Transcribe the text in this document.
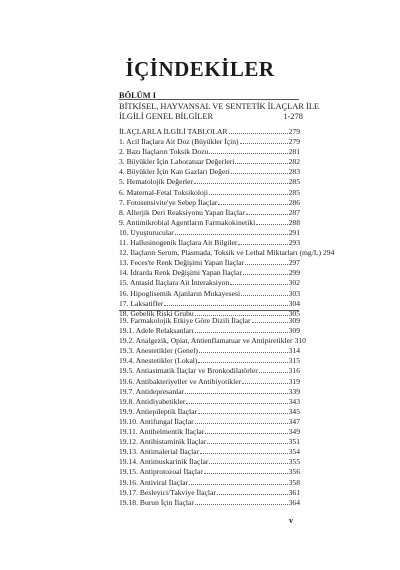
İÇİNDEKİLER
BÖLÜM I
BİTKİSEL, HAYVANSAL VE SENTETİK İLAÇLAR İLE
İLGİLİ GENEL BİLGİLER	1-278
İLAÇLARLA İLGİLİ TABLOLAR	279
1. Acil İlaçlara Ait Doz (Büyükler İçin)	279
2. Bazı İlaçların Toksik Dozu	281
3. Büyükler İçin Laboratuar Değerleri	282
4. Büyükler İçin Kan Gazları Değeri	283
5. Hematolojik Değerler	285
6. Maternal-Fetal Toksikoloji	285
7. Fotosensivite'ye Sebep İlaçlar	286
8. Allerjik Deri Reaksiyonu Yapan İlaçlar	287
9. Antimikrobial Agentların Farmakokinetiki	288
10. Uyuşturucular	291
11. Hallusinogenik İlaçlara Ait Bilgiler	293
12. İlaçların Serum, Plasmada, Toksik ve Lethal Miktarları (mg/L) 294
13. Feces'te Renk Değişimi Yapan İlaçlar	297
14. İdrarda Renk Değişimi Yapan İlaçlar	299
15. Antasid İlaçlara Ait İnteraksiyon	302
16. Hipoglisemik Ajanların Mukayesesi	303
17. Laksatifler	304
18. Gebelik Riski Grubu	305
19. Farmakolojik Etkiye Göre Dizili İlaçlar	309
19.1. Adele Relaksanları	309
19.2. Analgezik, Opiat, Antienflamatuar ve Antipiretikler 310
19.3. Anestetikler (Genel)	314
19.4. Anestetikler (Lokal)	315
19.5. Antiastmatik İlaçlar ve Bronkodilatörler	316
19.6. Antibakteriyeller ve Antibiyotikler	319
19.7. Antidepresanlar	339
19.8. Antidiyabetikler	343
19.9. Antiepileptik İlaçlar	345
19.10. Antifungal İlaçlar	347
19.11. Antihelmentik İlaçlar	349
19.12. Antihistaminik İlaçlar	351
19.13. Antimalerial İlaçlar	354
19.14. Antimuskarinik İlaçlar	355
19.15. Antiprotozoal İlaçlar	356
19.16. Antiviral İlaçlar	358
19.17. Besleyici/Takviye İlaçlar	361
19.18. Burun İçin İlaçlar	364
v
